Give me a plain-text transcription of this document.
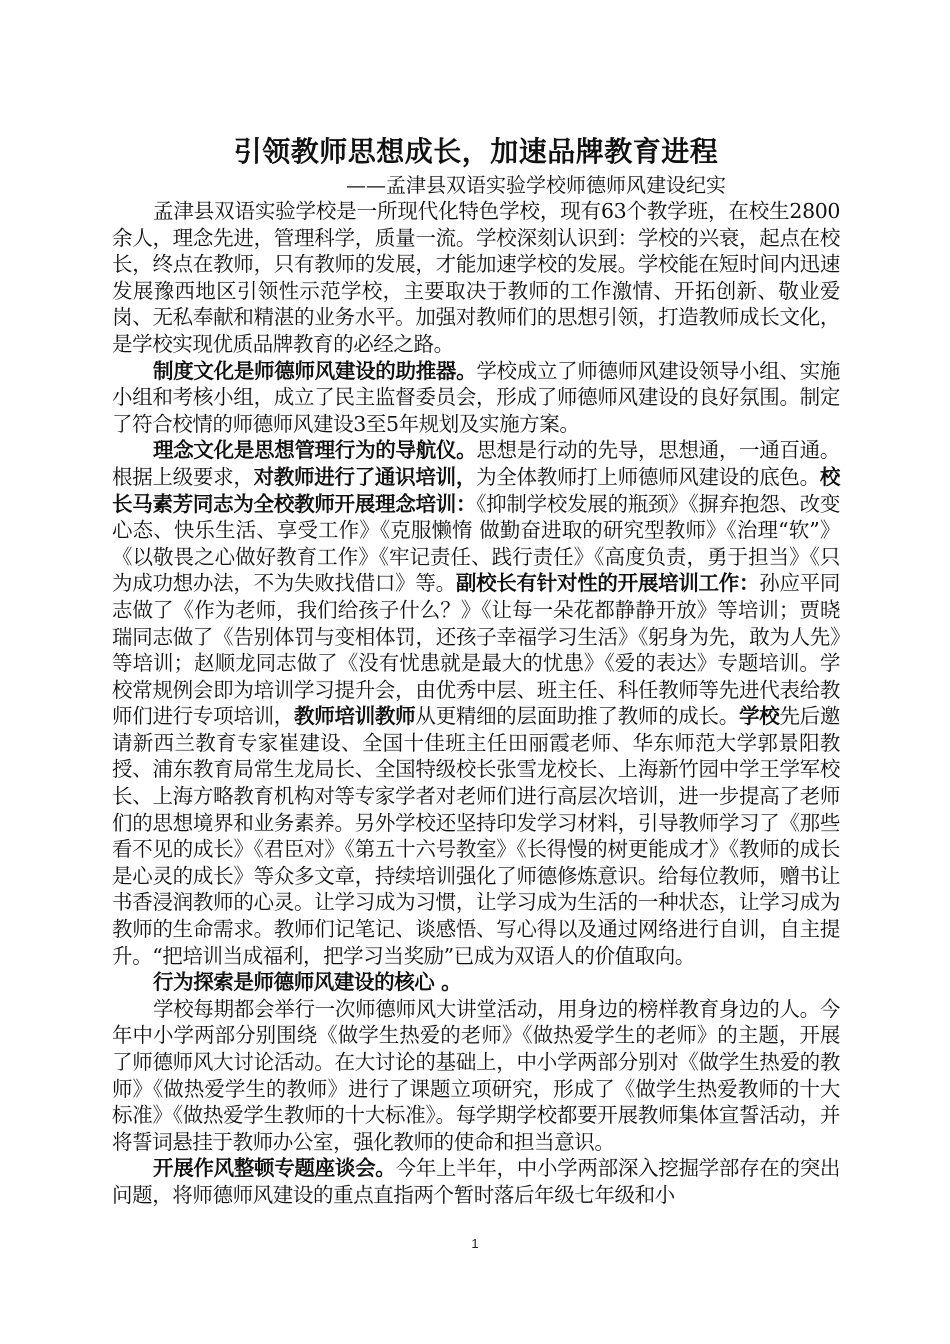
引领教师思想成长，加速品牌教育进程

——孟津县双语实验学校师德师风建设纪实

孟津县双语实验学校是一所现代化特色学校，现有63个教学班，在校生2800余人，理念先进，管理科学，质量一流。学校深刻认识到：学校的兴衰，起点在校长，终点在教师，只有教师的发展，才能加速学校的发展。学校能在短时间内迅速发展豫西地区引领性示范学校，主要取决于教师的工作激情、开拓创新、敬业爱岗、无私奉献和精湛的业务水平。加强对教师们的思想引领，打造教师成长文化，是学校实现优质品牌教育的必经之路。

制度文化是师德师风建设的助推器。学校成立了师德师风建设领导小组、实施小组和考核小组，成立了民主监督委员会，形成了师德师风建设的良好氛围。制定了符合校情的师德师风建设3至5年规划及实施方案。

理念文化是思想管理行为的导航仪。思想是行动的先导，思想通，一通百通。根据上级要求，对教师进行了通识培训，为全体教师打上师德师风建设的底色。校长马素芳同志为全校教师开展理念培训：《抑制学校发展的瓶颈》《摒弃抱怨、改变心态、快乐生活、享受工作》《克服懒惰 做勤奋进取的研究型教师》《治理“软”》《以敬畏之心做好教育工作》《牢记责任、践行责任》《高度负责，勇于担当》《只为成功想办法，不为失败找借口》等。副校长有针对性的开展培训工作：孙应平同志做了《作为老师，我们给孩子什么？》《让每一朵花都静静开放》等培训；贾晓瑞同志做了《告别体罚与变相体罚，还孩子幸福学习生活》《躬身为先，敢为人先》等培训；赵顺龙同志做了《没有忧患就是最大的忧患》《爱的表达》专题培训。学校常规例会即为培训学习提升会，由优秀中层、班主任、科任教师等先进代表给教师们进行专项培训，教师培训教师从更精细的层面助推了教师的成长。学校先后邀请新西兰教育专家崔建设、全国十佳班主任田丽霞老师、华东师范大学郭景阳教授、浦东教育局常生龙局长、全国特级校长张雪龙校长、上海新竹园中学王学军校长、上海方略教育机构对等专家学者对老师们进行高层次培训，进一步提高了老师们的思想境界和业务素养。另外学校还坚持印发学习材料，引导教师学习了《那些看不见的成长》《君臣对》《第五十六号教室》《长得慢的树更能成才》《教师的成长是心灵的成长》等众多文章，持续培训强化了师德修炼意识。给每位教师，赠书让书香浸润教师的心灵。让学习成为习惯，让学习成为生活的一种状态，让学习成为教师的生命需求。教师们记笔记、谈感悟、写心得以及通过网络进行自训，自主提升。“把培训当成福利，把学习当奖励”已成为双语人的价值取向。

行为探索是师德师风建设的核心 。

学校每期都会举行一次师德师风大讲堂活动，用身边的榜样教育身边的人。今年中小学两部分别围绕《做学生热爱的老师》《做热爱学生的老师》的主题，开展了师德师风大讨论活动。在大讨论的基础上，中小学两部分别对《做学生热爱的教师》《做热爱学生的教师》进行了课题立项研究，形成了《做学生热爱教师的十大标准》《做热爱学生教师的十大标准》。每学期学校都要开展教师集体宣誓活动，并将誓词悬挂于教师办公室，强化教师的使命和担当意识。

开展作风整顿专题座谈会。今年上半年，中小学两部深入挖掘学部存在的突出问题，将师德师风建设的重点直指两个暂时落后年级七年级和小

1
